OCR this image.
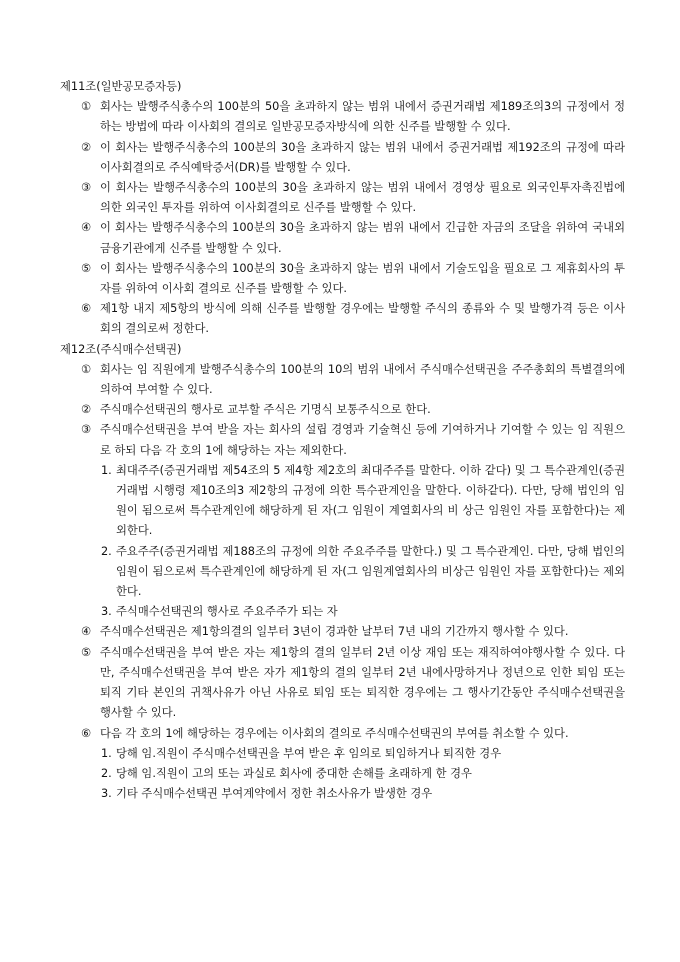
제11조(일반공모증자등)
① 회사는 발행주식총수의 100분의 50을 초과하지 않는 범위 내에서 증권거래법 제189조의3의 규정에서 정하는 방법에 따라 이사회의 결의로 일반공모증자방식에 의한 신주를 발행할 수 있다.
② 이 회사는 발행주식총수의 100분의 30을 초과하지 않는 범위 내에서 증권거래법 제192조의 규정에 따라 이사회결의로 주식예탁증서(DR)를 발행할 수 있다.
③ 이 회사는 발행주식총수의 100분의 30을 초과하지 않는 범위 내에서 경영상 필요로 외국인투자촉진법에 의한 외국인 투자를 위하여 이사회결의로 신주를 발행할 수 있다.
④ 이 회사는 발행주식총수의 100분의 30을 초과하지 않는 범위 내에서 긴급한 자금의 조달을 위하여 국내외 금융기관에게 신주를 발행할 수 있다.
⑤ 이 회사는 발행주식총수의 100분의 30을 초과하지 않는 범위 내에서 기술도입을 필요로 그 제휴회사의 투자를 위하여 이사회 결의로 신주를 발행할 수 있다.
⑥ 제1항 내지 제5항의 방식에 의해 신주를 발행할 경우에는 발행할 주식의 종류와 수 및 발행가격 등은 이사회의 결의로써 정한다.
제12조(주식매수선택권)
① 회사는 임 직원에게 발행주식총수의 100분의 10의 범위 내에서 주식매수선택권을 주주총회의 특별결의에 의하여 부여할 수 있다.
② 주식매수선택권의 행사로 교부할 주식은 기명식 보통주식으로 한다.
③ 주식매수선택권을 부여 받을 자는 회사의 설립 경영과 기술혁신 등에 기여하거나 기여할 수 있는 임 직원으로 하되 다음 각 호의 1에 해당하는 자는 제외한다.
1. 최대주주(증권거래법 제54조의 5 제4항 제2호의 최대주주를 말한다. 이하 같다) 및 그 특수관계인(증권거래법 시행령 제10조의3 제2항의 규정에 의한 특수관계인을 말한다. 이하같다). 다만, 당해 법인의 임원이 됨으로써 특수관계인에 해당하게 된 자(그 임원이 계열회사의 비 상근 임원인 자를 포함한다)는 제외한다.
2. 주요주주(증권거래법 제188조의 규정에 의한 주요주주를 말한다.) 및 그 특수관계인. 다만, 당해 법인의 임원이 됨으로써 특수관계인에 해당하게 된 자(그 임원계열회사의 비상근 임원인 자를 포함한다)는 제외한다.
3. 주식매수선택권의 행사로 주요주주가 되는 자
④ 주식매수선택권은 제1항의결의 일부터 3년이 경과한 날부터 7년 내의 기간까지 행사할 수 있다.
⑤ 주식매수선택권을 부여 받은 자는 제1항의 결의 일부터 2년 이상 재임 또는 재직하여야행사할 수 있다. 다만, 주식매수선택권을 부여 받은 자가 제1항의 결의 일부터 2년 내에사망하거나 정년으로 인한 퇴임 또는 퇴직 기타 본인의 귀책사유가 아닌 사유로 퇴임 또는 퇴직한 경우에는 그 행사기간동안 주식매수선택권을 행사할 수 있다.
⑥ 다음 각 호의 1에 해당하는 경우에는 이사회의 결의로 주식매수선택권의 부여를 취소할 수 있다.
1. 당해 임.직원이 주식매수선택권을 부여 받은 후 임의로 퇴임하거나 퇴직한 경우
2. 당해 임.직원이 고의 또는 과실로 회사에 중대한 손해를 초래하게 한 경우
3. 기타 주식매수선택권 부여계약에서 정한 취소사유가 발생한 경우
